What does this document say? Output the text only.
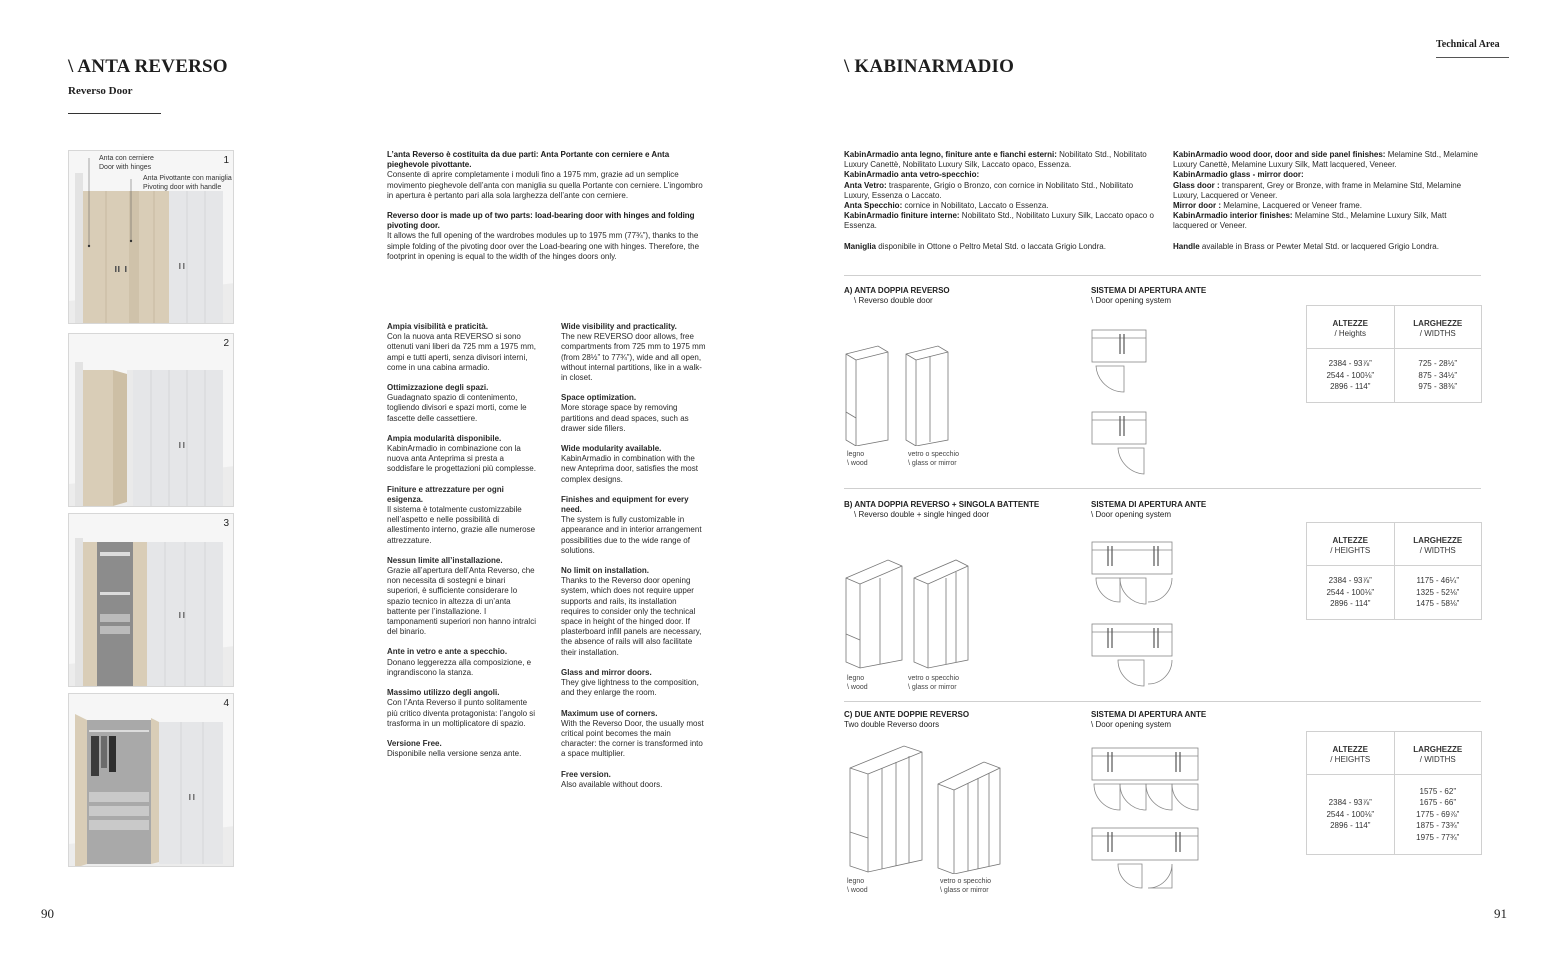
\ ANTA REVERSO
Reverso Door
1
Anta con cerniere
Door with hinges
Anta Pivottante con maniglia
Pivoting door with handle
2
3
4
L’anta Reverso è costituita da due parti: Anta Portante con cerniere e Anta pieghevole pivottante.
Consente di aprire completamente i moduli fino a 1975 mm, grazie ad un semplice movimento pieghevole dell’anta con maniglia su quella Portante con cerniere. L’ingombro in apertura è pertanto pari alla sola larghezza dell’ante con cerniere.
Reverso door is made up of two parts: load-bearing door with hinges and folding pivoting door.
It allows the full opening of the wardrobes modules up to 1975 mm (77¾”), thanks to the simple folding of the pivoting door over the Load-bearing one with hinges. Therefore, the footprint in opening is equal to the width of the hinges doors only.
Ampia visibilità e praticità.
Con la nuova anta REVERSO si sono ottenuti vani liberi da 725 mm a 1975 mm, ampi e tutti aperti, senza divisori interni, come in una cabina armadio.
Ottimizzazione degli spazi.
Guadagnato spazio di contenimento, togliendo divisori e spazi morti, come le fascette delle cassettiere.
Ampia modularità disponibile.
KabinArmadio in combinazione con la nuova anta Anteprima si presta a soddisfare le progettazioni più complesse.
Finiture e attrezzature per ogni esigenza.
Il sistema è totalmente customizzabile nell’aspetto e nelle possibilità di allestimento interno, grazie alle numerose attrezzature.
Nessun limite all’installazione.
Grazie all’apertura dell’Anta Reverso, che non necessita di sostegni e binari superiori, è sufficiente considerare lo spazio tecnico in altezza di un’anta battente per l’installazione. I tamponamenti superiori non hanno intralci del binario.
Ante in vetro e ante a specchio.
Donano leggerezza alla composizione, e ingrandiscono la stanza.
Massimo utilizzo degli angoli.
Con l’Anta Reverso il punto solitamente più critico diventa protagonista: l’angolo si trasforma in un moltiplicatore di spazio.
Versione Free.
Disponibile nella versione senza ante.
Wide visibility and practicality.
The new REVERSO door allows, free compartments from 725 mm to 1975 mm (from 28½” to 77¾”), wide and all open, without internal partitions, like in a walk-in closet.
Space optimization.
More storage space by removing partitions and dead spaces, such as drawer side fillers.
Wide modularity available.
KabinArmadio in combination with the new Anteprima door, satisfies the most complex designs.
Finishes and equipment for every need.
The system is fully customizable in appearance and in interior arrangement possibilities due to the wide range of solutions.
No limit on installation.
Thanks to the Reverso door opening system, which does not require upper supports and rails, its installation requires to consider only the technical space in height of the hinged door. If plasterboard infill panels are necessary, the absence of rails will also facilitate their installation.
Glass and mirror doors.
They give lightness to the composition, and they enlarge the room.
Maximum use of corners.
With the Reverso Door, the usually most critical point becomes the main character: the corner is transformed into a space multiplier.
Free version.
Also available without doors.
90
Technical Area
\ KABINARMADIO
KabinArmadio anta legno, finiture ante e fianchi esterni: Nobilitato Std., Nobilitato Luxury Canettè, Nobilitato Luxury Silk, Laccato opaco, Essenza.
KabinArmadio anta vetro-specchio:
Anta Vetro: trasparente, Grigio o Bronzo, con cornice in Nobilitato Std., Nobilitato Luxury, Essenza o Laccato.
Anta Specchio: cornice in Nobilitato, Laccato o Essenza.
KabinArmadio finiture interne: Nobilitato Std., Nobilitato Luxury Silk, Laccato opaco o Essenza.
Maniglia disponibile in Ottone o Peltro Metal Std. o laccata Grigio Londra.
KabinArmadio wood door, door and side panel finishes: Melamine Std., Melamine Luxury Canettè, Melamine Luxury Silk, Matt lacquered, Veneer.
KabinArmadio glass - mirror door:
Glass door : transparent, Grey or Bronze, with frame in Melamine Std, Melamine Luxury, Lacquered or Veneer.
Mirror door : Melamine, Lacquered or Veneer frame.
KabinArmadio interior finishes: Melamine Std., Melamine Luxury Silk, Matt lacquered or Veneer.
Handle available in Brass or Pewter Metal Std. or lacquered Grigio Londra.
A) ANTA DOPPIA REVERSO
\ Reverso double door
SISTEMA DI APERTURA ANTE
\ Door opening system
legno
\ wood
vetro o specchio
\ glass or mirror
ALTEZZE
/ Heights
LARGHEZZE
/ WIDTHS
2384 - 93⅞”
2544 - 100⅛”
2896 - 114”
725 - 28½”
875 - 34½”
975 - 38⅜”
B) ANTA DOPPIA REVERSO + SINGOLA BATTENTE
\ Reverso double + single hinged door
SISTEMA DI APERTURA ANTE
\ Door opening system
legno
\ wood
vetro o specchio
\ glass or mirror
ALTEZZE
/ HEIGHTS
LARGHEZZE
/ WIDTHS
2384 - 93⅞”
2544 - 100⅛”
2896 - 114”
1175 - 46¼”
1325 - 52⅛”
1475 - 58⅛”
C) DUE ANTE DOPPIE REVERSO
Two double Reverso doors
SISTEMA DI APERTURA ANTE
\ Door opening system
legno
\ wood
vetro o specchio
\ glass or mirror
ALTEZZE
/ HEIGHTS
LARGHEZZE
/ WIDTHS
2384 - 93⅞”
2544 - 100⅛”
2896 - 114”
1575 - 62”
1675 - 66”
1775 - 69⅞”
1875 - 73¾”
1975 - 77¾”
91
